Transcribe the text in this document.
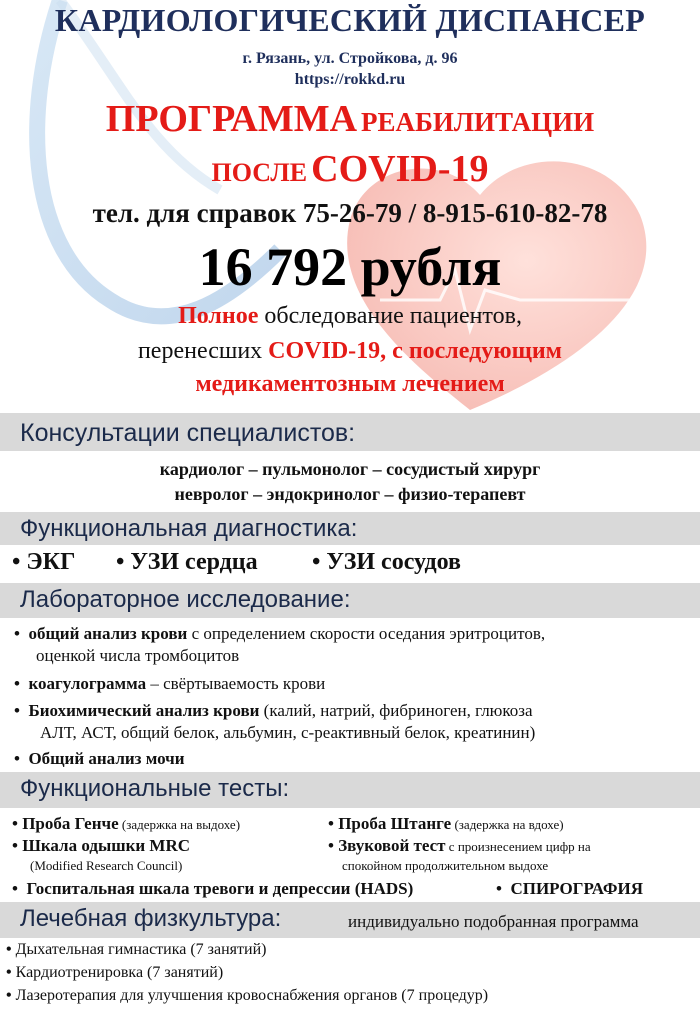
КАРДИОЛОГИЧЕСКИЙ ДИСПАНСЕР
г. Рязань, ул. Стройкова, д. 96
https://rokkd.ru
ПРОГРАММА РЕАБИЛИТАЦИИ
ПОСЛЕ COVID-19
тел. для справок 75-26-79 / 8-915-610-82-78
16 792 рубля
Полное обследование пациентов,
перенесших COVID-19, с последующим
медикаментозным лечением
Консультации специалистов:
кардиолог – пульмонолог – сосудистый хирург
невролог – эндокринолог – физио-терапевт
Функциональная диагностика:
• ЭКГ • УЗИ сердца • УЗИ сосудов
Лабораторное исследование:
• общий анализ крови с определением скорости оседания эритроцитов,
оценкой числа тромбоцитов
• коагулограмма – свёртываемость крови
• Биохимический анализ крови (калий, натрий, фибриноген, глюкоза
АЛТ, АСТ, общий белок, альбумин, с-реактивный белок, креатинин)
• Общий анализ мочи
Функциональные тесты:
• Проба Генче (задержка на выдохе)	• Проба Штанге (задержка на вдохе)
• Шкала одышки MRC
(Modified Research Council)
• Звуковой тест с произнесением цифр на
спокойном продолжительном выдохе
• Госпитальная шкала тревоги и депрессии (HADS)	• СПИРОГРАФИЯ
Лечебная физкультура:	индивидуально подобранная программа
• Дыхательная гимнастика (7 занятий)
• Кардиотренировка (7 занятий)
• Лазеротерапия для улучшения кровоснабжения органов (7 процедур)
